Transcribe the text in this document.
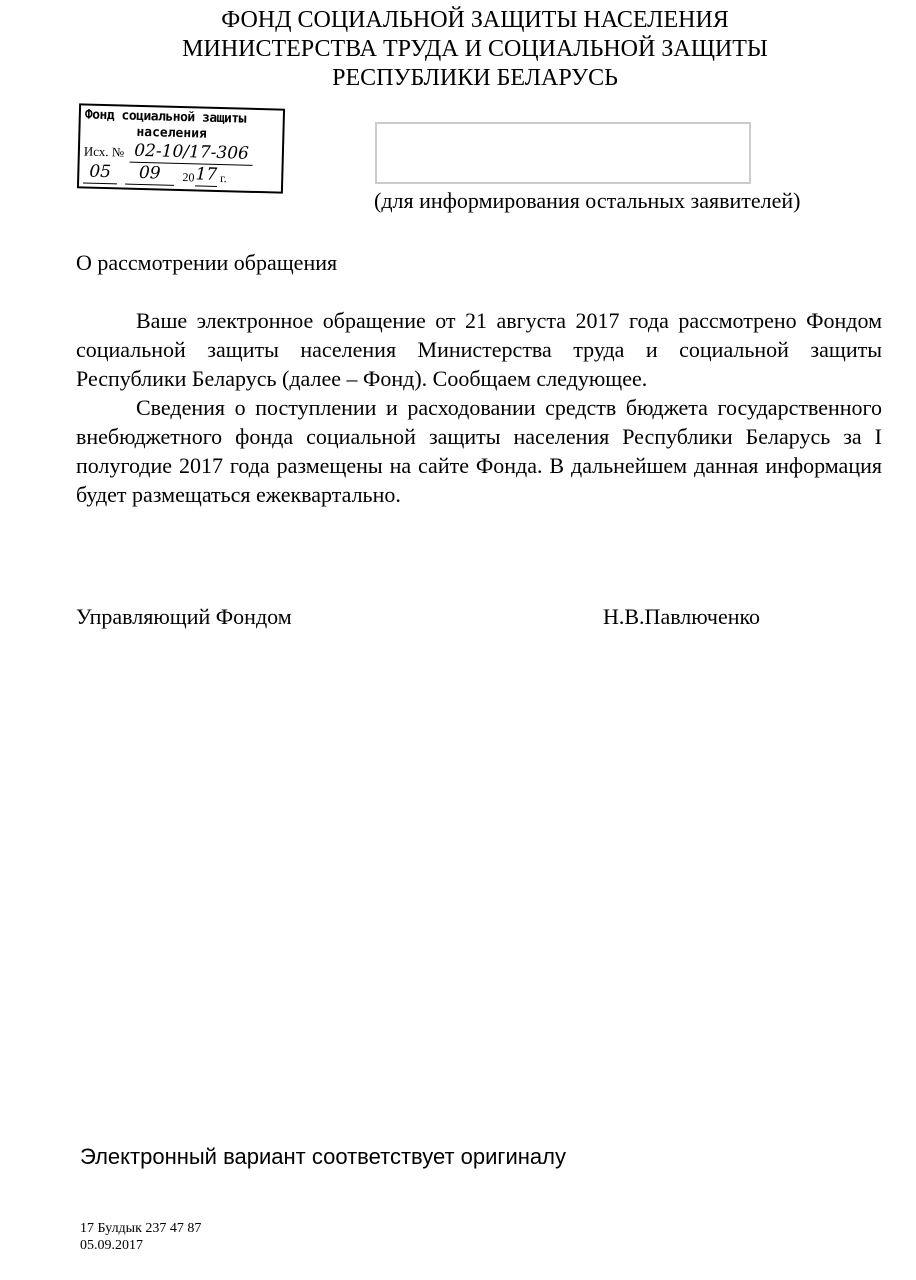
ФОНД СОЦИАЛЬНОЙ ЗАЩИТЫ НАСЕЛЕНИЯ
МИНИСТЕРСТВА ТРУДА И СОЦИАЛЬНОЙ ЗАЩИТЫ
РЕСПУБЛИКИ БЕЛАРУСЬ
Фонд социальной защиты
населения
Исх. № 02-10/17-306
05	09	20 17 г.
(для информирования остальных заявителей)
О рассмотрении обращения

Ваше электронное обращение от 21 августа 2017 года рассмотрено Фондом социальной защиты населения Министерства труда и социальной защиты Республики Беларусь (далее – Фонд). Сообщаем следующее.

Сведения о поступлении и расходовании средств бюджета государственного внебюджетного фонда социальной защиты населения Республики Беларусь за I полугодие 2017 года размещены на сайте Фонда. В дальнейшем данная информация будет размещаться ежеквартально.

Управляющий Фондом	Н.В.Павлюченко
Электронный вариант соответствует оригиналу
17 Булдык 237 47 87
05.09.2017
